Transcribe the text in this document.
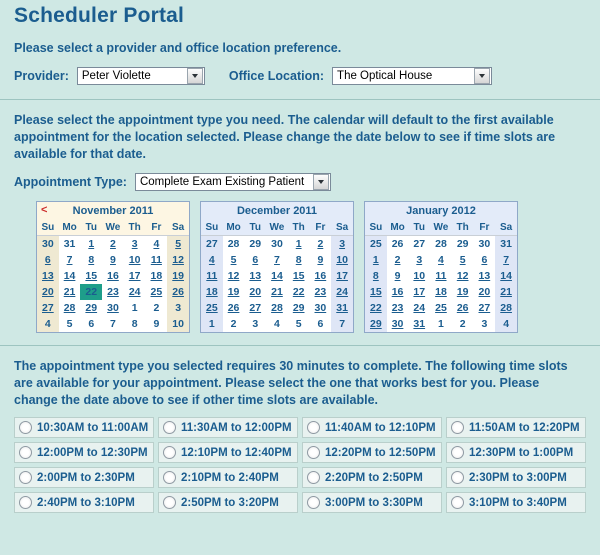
Scheduler Portal
Please select a provider and office location preference.
Provider: Peter Violette	Office Location: The Optical House
Please select the appointment type you need. The calendar will default to the first available appointment for the location selected. Please change the date below to see if time slots are available for that date.
Appointment Type: Complete Exam Existing Patient
< November 2011
Su	Mo	Tu	We	Th	Fr	Sa
30	31	1	2	3	4	5
6	7	8	9	10	11	12
13	14	15	16	17	18	19
20	21	22	23	24	25	26
27	28	29	30	1	2	3
4	5	6	7	8	9	10
December 2011
Su	Mo	Tu	We	Th	Fr	Sa
27	28	29	30	1	2	3
4	5	6	7	8	9	10
11	12	13	14	15	16	17
18	19	20	21	22	23	24
25	26	27	28	29	30	31
1	2	3	4	5	6	7
January 2012
Su	Mo	Tu	We	Th	Fr	Sa
25	26	27	28	29	30	31
1	2	3	4	5	6	7
8	9	10	11	12	13	14
15	16	17	18	19	20	21
22	23	24	25	26	27	28
29	30	31	1	2	3	4
The appointment type you selected requires 30 minutes to complete. The following time slots are available for your appointment. Please select the one that works best for you. Please change the date above to see if other time slots are available.
10:30AM to 11:00AM	11:30AM to 12:00PM	11:40AM to 12:10PM	11:50AM to 12:20PM
12:00PM to 12:30PM	12:10PM to 12:40PM	12:20PM to 12:50PM	12:30PM to 1:00PM
2:00PM to 2:30PM	2:10PM to 2:40PM	2:20PM to 2:50PM	2:30PM to 3:00PM
2:40PM to 3:10PM	2:50PM to 3:20PM	3:00PM to 3:30PM	3:10PM to 3:40PM
